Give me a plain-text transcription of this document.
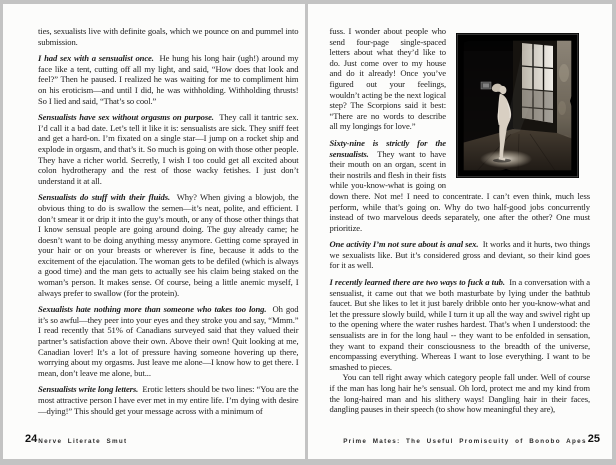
ties, sexualists live with definite goals, which we pounce on and pummel into submission.

I had sex with a sensualist once. He hung his long hair (ugh!) around my face like a tent, cutting off all my light, and said, “How does that look and feel?” Then he paused. I realized he was waiting for me to compliment him on his eroticism—and until I did, he was withholding. Withholding thrusts! So I lied and said, “That’s so cool.”

Sensualists have sex without orgasms on purpose. They call it tantric sex. I’d call it a bad date. Let’s tell it like it is: sensualists are sick. They sniff feet and get a hard-on. I’m fixated on a single star—I jump on a rocket ship and explode in orgasm, and that’s it. So much is going on with those other people. They have a richer world. Secretly, I wish I too could get all excited about colon hydrotherapy and the rest of those wacky fetishes. I just don’t understand it at all.

Sensualists do stuff with their fluids. Why? When giving a blowjob, the obvious thing to do is swallow the semen—it’s neat, polite, and efficient. I don’t smear it or drip it into the guy’s mouth, or any of those other things that I know sensual people are going around doing. The guy already came; he doesn’t want to be doing anything messy anymore. Getting come sprayed in your hair or on your breasts or wherever is fine, because it adds to the excitement of the ejaculation. The woman gets to be defiled (which is always a good time) and the man gets to actually see his claim being staked on the woman’s person. It makes sense. Of course, being a little anemic myself, I always prefer to swallow (for the protein).

Sexualists hate nothing more than someone who takes too long. Oh god it’s so awful—they peer into your eyes and they stroke you and say, “Mmm.” I read recently that 51% of Canadians surveyed said that they valued their partner’s satisfaction above their own. Above their own! Quit looking at me, Canadian lover! It’s a lot of pressure having someone hovering up there, worrying about my orgasms. Just leave me alone—I know how to get there. I mean, don’t leave me alone, but...

Sensualists write long letters. Erotic letters should be two lines: “You are the most attractive person I have ever met in my entire life. I’m dying with desire—dying!” This should get your message across with a minimum of

24 Nerve Literate Smut

fuss. I wonder about people who send four-page single-spaced letters about what they’d like to do. Just come over to my house and do it already! Once you’ve figured out your feelings, wouldn’t acting be the next logical step? The Scorpions said it best: “There are no words to describe all my longings for love.”

Sixty-nine is strictly for the sensualists. They want to have their mouth on an organ, scent in their nostrils and flesh in their fists while you-know-what is going on down there. Not me! I need to concentrate. I can’t even think, much less perform, while that’s going on. Why do two half-good jobs concurrently instead of two marvelous deeds separately, one after the other? One must prioritize.

One activity I’m not sure about is anal sex. It works and it hurts, two things we sexualists like. But it’s considered gross and deviant, so their kind goes for it as well.

I recently learned there are two ways to fuck a tub. In a conversation with a sensualist, it came out that we both masturbate by lying under the bathtub faucet. But she likes to let it just barely dribble onto her you-know-what and let the pressure slowly build, while I turn it up all the way and swivel right up to the opening where the water rushes hardest. That’s when I understood: the sensualists are in for the long haul -- they want to be enfolded in sensation, they want to expand their consciousness to the breadth of the universe, encompassing everything. Whereas I want to lose everything. I want to be smashed to pieces.

You can tell right away which category people fall under. Well of course if the man has long hair he’s sensual. Oh lord, protect me and my kind from the long-haired man and his slithery ways! Dangling hair in their faces, dangling pauses in their speech (to show how meaningful they are),

Prime Mates: The Useful Promiscuity of Bonobo Apes 25
